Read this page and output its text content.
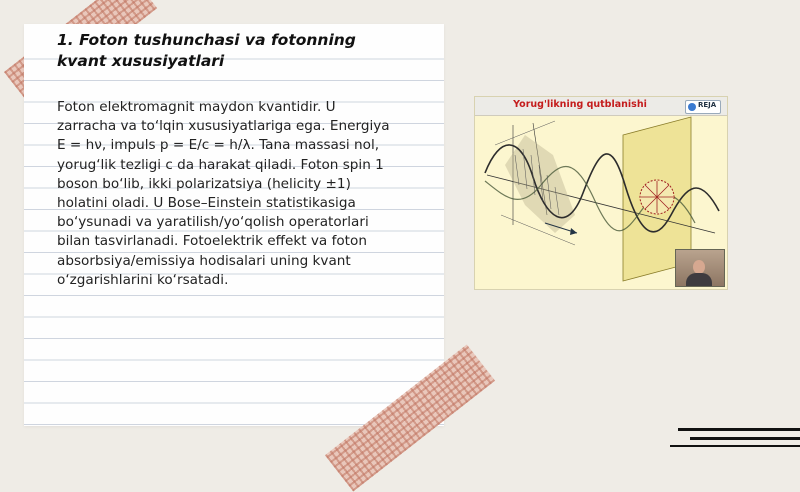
1. Foton tushunchasi va fotonning kvant xususiyatlari

Foton elektromagnit maydon kvantidir. U zarracha va to‘lqin xususiyatlariga ega. Energiya E = hν, impuls p = E/c = h/λ. Tana massasi nol, yorug‘lik tezligi c da harakat qiladi. Foton spin 1 boson bo‘lib, ikki polarizatsiya (helicity ±1) holatini oladi. U Bose–Einstein statistikasiga bo‘ysunadi va yaratilish/yo‘qolish operatorlari bilan tasvirlanadi. Fotoelektrik effekt va foton absorbsiya/emissiya hodisalari uning kvant o‘zgarishlarini ko‘rsatadi.

Yorug'likning qutblanishi	REJA
